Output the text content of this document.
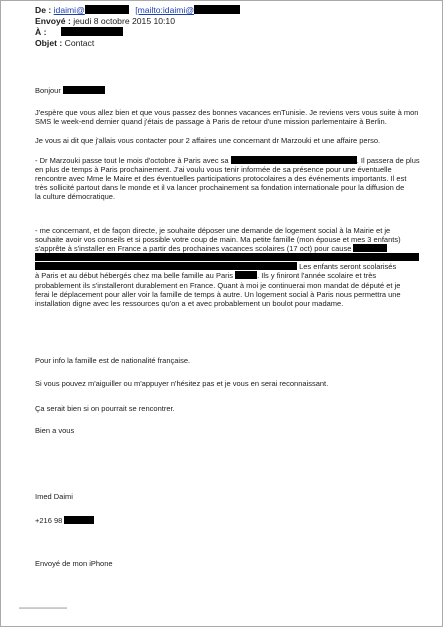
De : idaimi@	[mailto:idaimi@
Envoyé : jeudi 8 octobre 2015 10:10
À :
Objet : Contact
Bonjour
J'espère que vous allez bien et que vous passez des bonnes vacances enTunisie. Je reviens vers vous suite à mon
SMS le week-end dernier quand j'étais de passage à Paris de retour d'une mission parlementaire à Berlin.
Je vous ai dit que j'allais vous contacter pour 2 affaires une concernant dr Marzouki et une affaire perso.
- Dr Marzouki passe tout le mois d'octobre à Paris avec sa	. Il passera de plus
en plus de temps à Paris prochainement. J'ai voulu vous tenir informée de sa présence pour une éventuelle
rencontre avec Mme le Maire et des éventuelles participations protocolaires a des événements importants. Il est
très sollicité partout dans le monde et il va lancer prochainement sa fondation internationale pour la diffusion de
la culture démocratique.
- me concernant, et de façon directe, je souhaite déposer une demande de logement social à la Mairie et je
souhaite avoir vos conseils et si possible votre coup de main. Ma petite famille (mon épouse et mes 3 enfants)
s'apprête à s'installer en France a partir des prochaines vacances scolaires (17 oct) pour cause
Les enfants seront scolarisés
à Paris et au début hébergés chez ma belle famille au Paris	. Ils y finiront l'année scolaire et très
probablement ils s'installeront durablement en France. Quant à moi je continuerai mon mandat de député et je
ferai le déplacement pour aller voir la famille de temps à autre. Un logement social à Paris nous permettra une
installation digne avec les ressources qu'on a et avec probablement un boulot pour madame.
Pour info la famille est de nationalité française.
Si vous pouvez m'aiguiller ou m'appuyer n'hésitez pas et je vous en serai reconnaissant.
Ça serait bien si on pourrait se rencontrer.
Bien a vous
Imed Daimi
+216 98
Envoyé de mon iPhone
▬▬▬▬▬▬▬▬
